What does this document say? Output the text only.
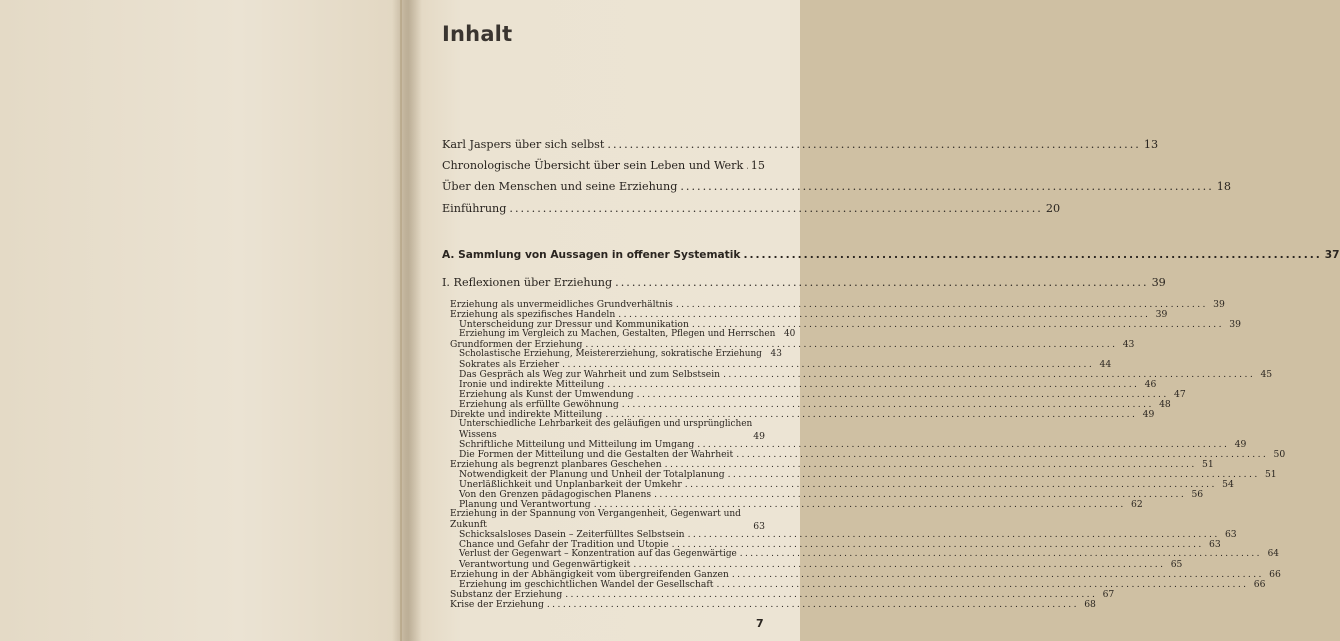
Inhalt
Karl Jaspers über sich selbst ................................................................................................ 13
Chronologische Übersicht über sein Leben und Werk 15
Über den Menschen und seine Erziehung ................................................................................................ 18
Einführung ................................................................................................ 20
A. Sammlung von Aussagen in offener Systematik ................................................................................................ 37
I. Reflexionen über Erziehung ................................................................................................ 39
Erziehung als unvermeidliches Grundverhältnis .................................................................................................... 39
Erziehung als spezifisches Handeln .................................................................................................... 39
Unterscheidung zur Dressur und Kommunikation .................................................................................................... 39
Erziehung im Vergleich zu Machen, Gestalten, Pflegen und Herrschen 40
Grundformen der Erziehung .................................................................................................... 43
Scholastische Erziehung, Meistererziehung, sokratische Erziehung 43
Sokrates als Erzieher .................................................................................................... 44
Das Gespräch als Weg zur Wahrheit und zum Selbstsein .................................................................................................... 45
Ironie und indirekte Mitteilung .................................................................................................... 46
Erziehung als Kunst der Umwendung .................................................................................................... 47
Erziehung als erfüllte Gewöhnung .................................................................................................... 48
Direkte und indirekte Mitteilung .................................................................................................... 49
Unterschiedliche Lehrbarkeit des geläufigen und ursprünglichen
Wissens	49
Schriftliche Mitteilung und Mitteilung im Umgang .................................................................................................... 49
Die Formen der Mitteilung und die Gestalten der Wahrheit .................................................................................................... 50
Erziehung als begrenzt planbares Geschehen .................................................................................................... 51
Notwendigkeit der Planung und Unheil der Totalplanung .................................................................................................... 51
Unerläßlichkeit und Unplanbarkeit der Umkehr .................................................................................................... 54
Von den Grenzen pädagogischen Planens .................................................................................................... 56
Planung und Verantwortung .................................................................................................... 62
Erziehung in der Spannung von Vergangenheit, Gegenwart und
Zukunft	63
Schicksalsloses Dasein – Zeiterfülltes Selbstsein .................................................................................................... 63
Chance und Gefahr der Tradition und Utopie .................................................................................................... 63
Verlust der Gegenwart – Konzentration auf das Gegenwärtige .................................................................................................... 64
Verantwortung und Gegenwärtigkeit .................................................................................................... 65
Erziehung in der Abhängigkeit vom übergreifenden Ganzen .................................................................................................... 66
Erziehung im geschichtlichen Wandel der Gesellschaft .................................................................................................... 66
Substanz der Erziehung .................................................................................................... 67
Krise der Erziehung .................................................................................................... 68
7
